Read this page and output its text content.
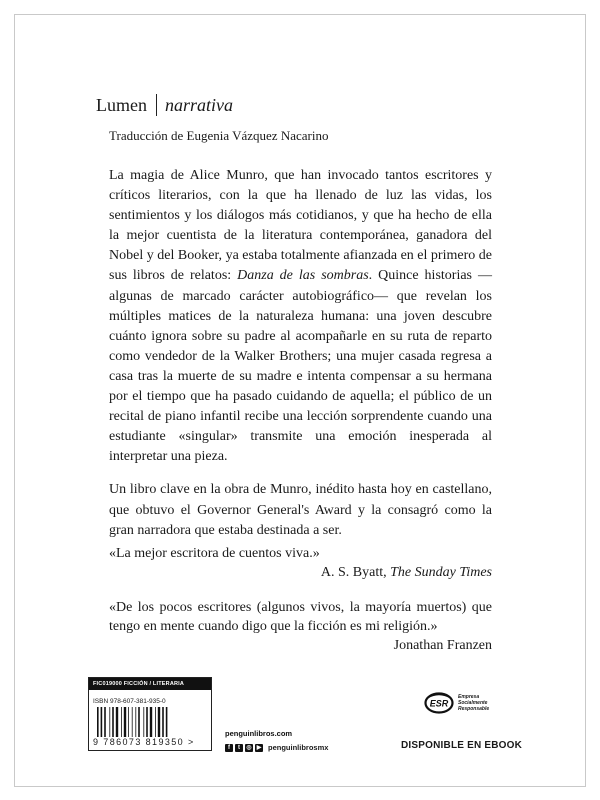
Lumen narrativa
Traducción de Eugenia Vázquez Nacarino

La magia de Alice Munro, que han invocado tantos escritores y críticos literarios, con la que ha llenado de luz las vidas, los sentimientos y los diálogos más cotidianos, y que ha hecho de ella la mejor cuentista de la literatura contemporánea, ganadora del Nobel y del Booker, ya estaba totalmente afianzada en el primero de sus libros de relatos: Danza de las sombras. Quince historias —algunas de marcado carácter autobiográfico— que revelan los múltiples matices de la naturaleza humana: una joven descubre cuánto ignora sobre su padre al acompañarle en su ruta de reparto como vendedor de la Walker Brothers; una mujer casada regresa a casa tras la muerte de su madre e intenta compensar a su hermana por el tiempo que ha pasado cuidando de aquella; el público de un recital de piano infantil recibe una lección sorprendente cuando una estudiante «singular» transmite una emoción inesperada al interpretar una pieza.

Un libro clave en la obra de Munro, inédito hasta hoy en castellano, que obtuvo el Governor General's Award y la consagró como la gran narradora que estaba destinada a ser.

«La mejor escritora de cuentos viva.»
A. S. Byatt, The Sunday Times
«De los pocos escritores (algunos vivos, la mayoría muertos) que tengo en mente cuando digo que la ficción es mi religión.»
Jonathan Franzen
FIC019000 FICCIÓN / LITERARIA
ISBN 978-607-381-935-0
9 786073 819350 >
penguinlibros.com
f	t	◎ ▶ penguinlibrosmx
ESR
Empresa
Socialmente
Responsable
DISPONIBLE EN EBOOK
